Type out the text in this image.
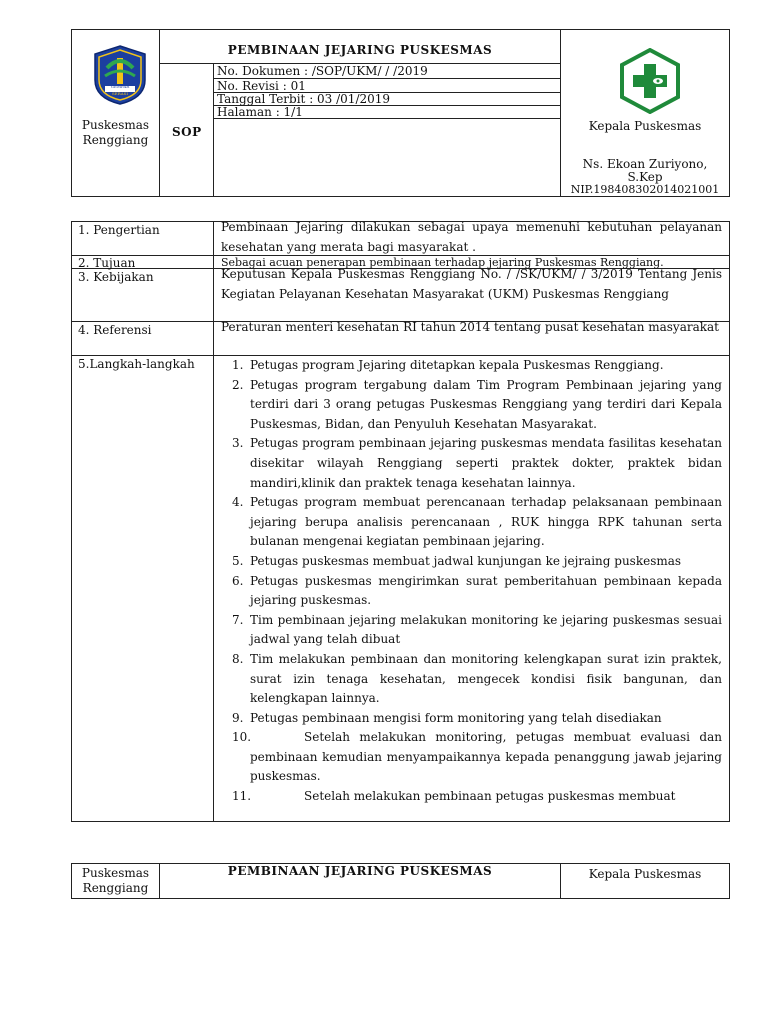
GEMPAR
SERASI
Puskesmas Renggiang
PEMBINAAN JEJARING PUSKESMAS
SOP
No. Dokumen : /SOP/UKM/ / /2019
No. Revisi : 01
Tanggal Terbit : 03 /01/2019
Halaman : 1/1
Kepala Puskesmas
Ns. Ekoan Zuriyono,
S.Kep
NIP.198408302014021001
1. Pengertian	Pembinaan Jejaring dilakukan sebagai upaya memenuhi kebutuhan pelayanan kesehatan yang merata bagi masyarakat .
2. Tujuan	Sebagai acuan penerapan pembinaan terhadap jejaring Puskesmas Renggiang.
3. Kebijakan	Keputusan Kepala Puskesmas Renggiang No. / /SK/UKM/ / 3/2019 Tentang Jenis Kegiatan Pelayanan Kesehatan Masyarakat (UKM) Puskesmas Renggiang
4. Referensi	Peraturan menteri kesehatan RI tahun 2014 tentang pusat kesehatan masyarakat
5.Langkah-langkah	1. Petugas program Jejaring ditetapkan kepala Puskesmas Renggiang.
2. Petugas program tergabung dalam Tim Program Pembinaan jejaring yang terdiri dari 3 orang petugas Puskesmas Renggiang yang terdiri dari Kepala Puskesmas, Bidan, dan Penyuluh Kesehatan Masyarakat.
3. Petugas program pembinaan jejaring puskesmas mendata fasilitas kesehatan disekitar wilayah Renggiang seperti praktek dokter, praktek bidan mandiri,klinik dan praktek tenaga kesehatan lainnya.
4. Petugas program membuat perencanaan terhadap pelaksanaan pembinaan jejaring berupa analisis perencanaan , RUK hingga RPK tahunan serta bulanan mengenai kegiatan pembinaan jejaring.
5. Petugas puskesmas membuat jadwal kunjungan ke jejraing puskesmas
6. Petugas puskesmas mengirimkan surat pemberitahuan pembinaan kepada jejaring puskesmas.
7. Tim pembinaan jejaring melakukan monitoring ke jejaring puskesmas sesuai jadwal yang telah dibuat
8. Tim melakukan pembinaan dan monitoring kelengkapan surat izin praktek, surat izin tenaga kesehatan, mengecek kondisi fisik bangunan, dan kelengkapan lainnya.
9. Petugas pembinaan mengisi form monitoring yang telah disediakan
10.	Setelah melakukan monitoring, petugas membuat evaluasi dan pembinaan kemudian menyampaikannya kepada penanggung jawab jejaring puskesmas.
11.	Setelah melakukan pembinaan petugas puskesmas membuat
Puskesmas Renggiang
PEMBINAAN JEJARING PUSKESMAS	Kepala Puskesmas
